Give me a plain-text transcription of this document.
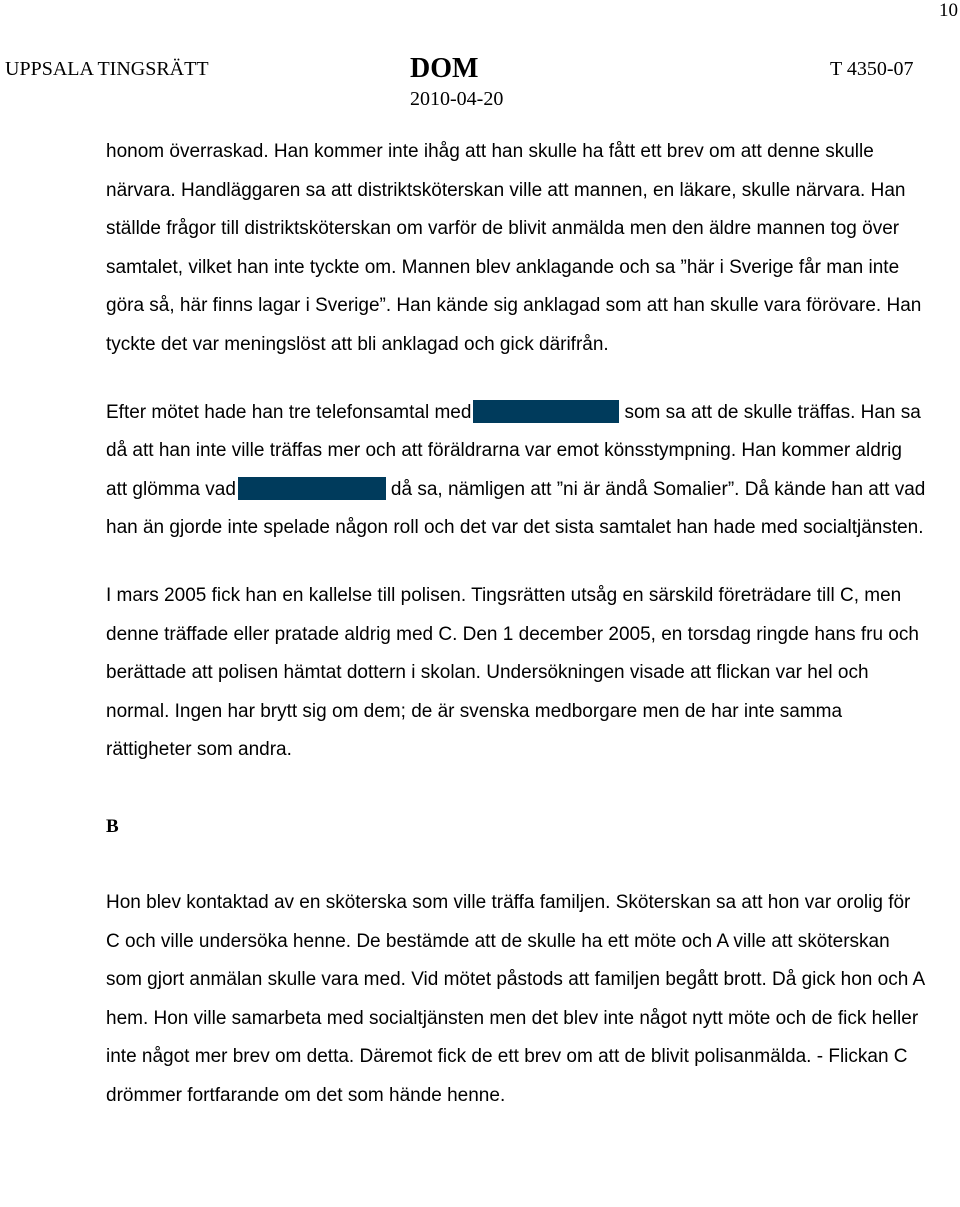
10
UPPSALA TINGSRÄTT	DOM	T 4350-07
2010-04-20

honom överraskad. Han kommer inte ihåg att han skulle ha fått ett brev om att denne skulle närvara. Handläggaren sa att distriktsköterskan ville att mannen, en läkare, skulle närvara. Han ställde frågor till distriktsköterskan om varför de blivit anmälda men den äldre mannen tog över samtalet, vilket han inte tyckte om. Mannen blev anklagande och sa ”här i Sverige får man inte göra så, här finns lagar i Sverige”. Han kände sig anklagad som att han skulle vara förövare. Han tyckte det var meningslöst att bli anklagad och gick därifrån.

Efter mötet hade han tre telefonsamtal med	som sa att de skulle träffas. Han sa då att han inte ville träffas mer och att föräldrarna var emot könsstympning. Han kommer aldrig att glömma vad	då sa, nämligen att ”ni är ändå Somalier”. Då kände han att vad han än gjorde inte spelade någon roll och det var det sista samtalet han hade med socialtjänsten.

I mars 2005 fick han en kallelse till polisen. Tingsrätten utsåg en särskild företrädare till C, men denne träffade eller pratade aldrig med C. Den 1 december 2005, en torsdag ringde hans fru och berättade att polisen hämtat dottern i skolan. Undersökningen visade att flickan var hel och normal. Ingen har brytt sig om dem; de är svenska medborgare men de har inte samma rättigheter som andra.

B

Hon blev kontaktad av en sköterska som ville träffa familjen. Sköterskan sa att hon var orolig för C och ville undersöka henne. De bestämde att de skulle ha ett möte och A ville att sköterskan som gjort anmälan skulle vara med. Vid mötet påstods att familjen begått brott. Då gick hon och A hem. Hon ville samarbeta med socialtjänsten men det blev inte något nytt möte och de fick heller inte något mer brev om detta. Däremot fick de ett brev om att de blivit polisanmälda. - Flickan C drömmer fortfarande om det som hände henne.
